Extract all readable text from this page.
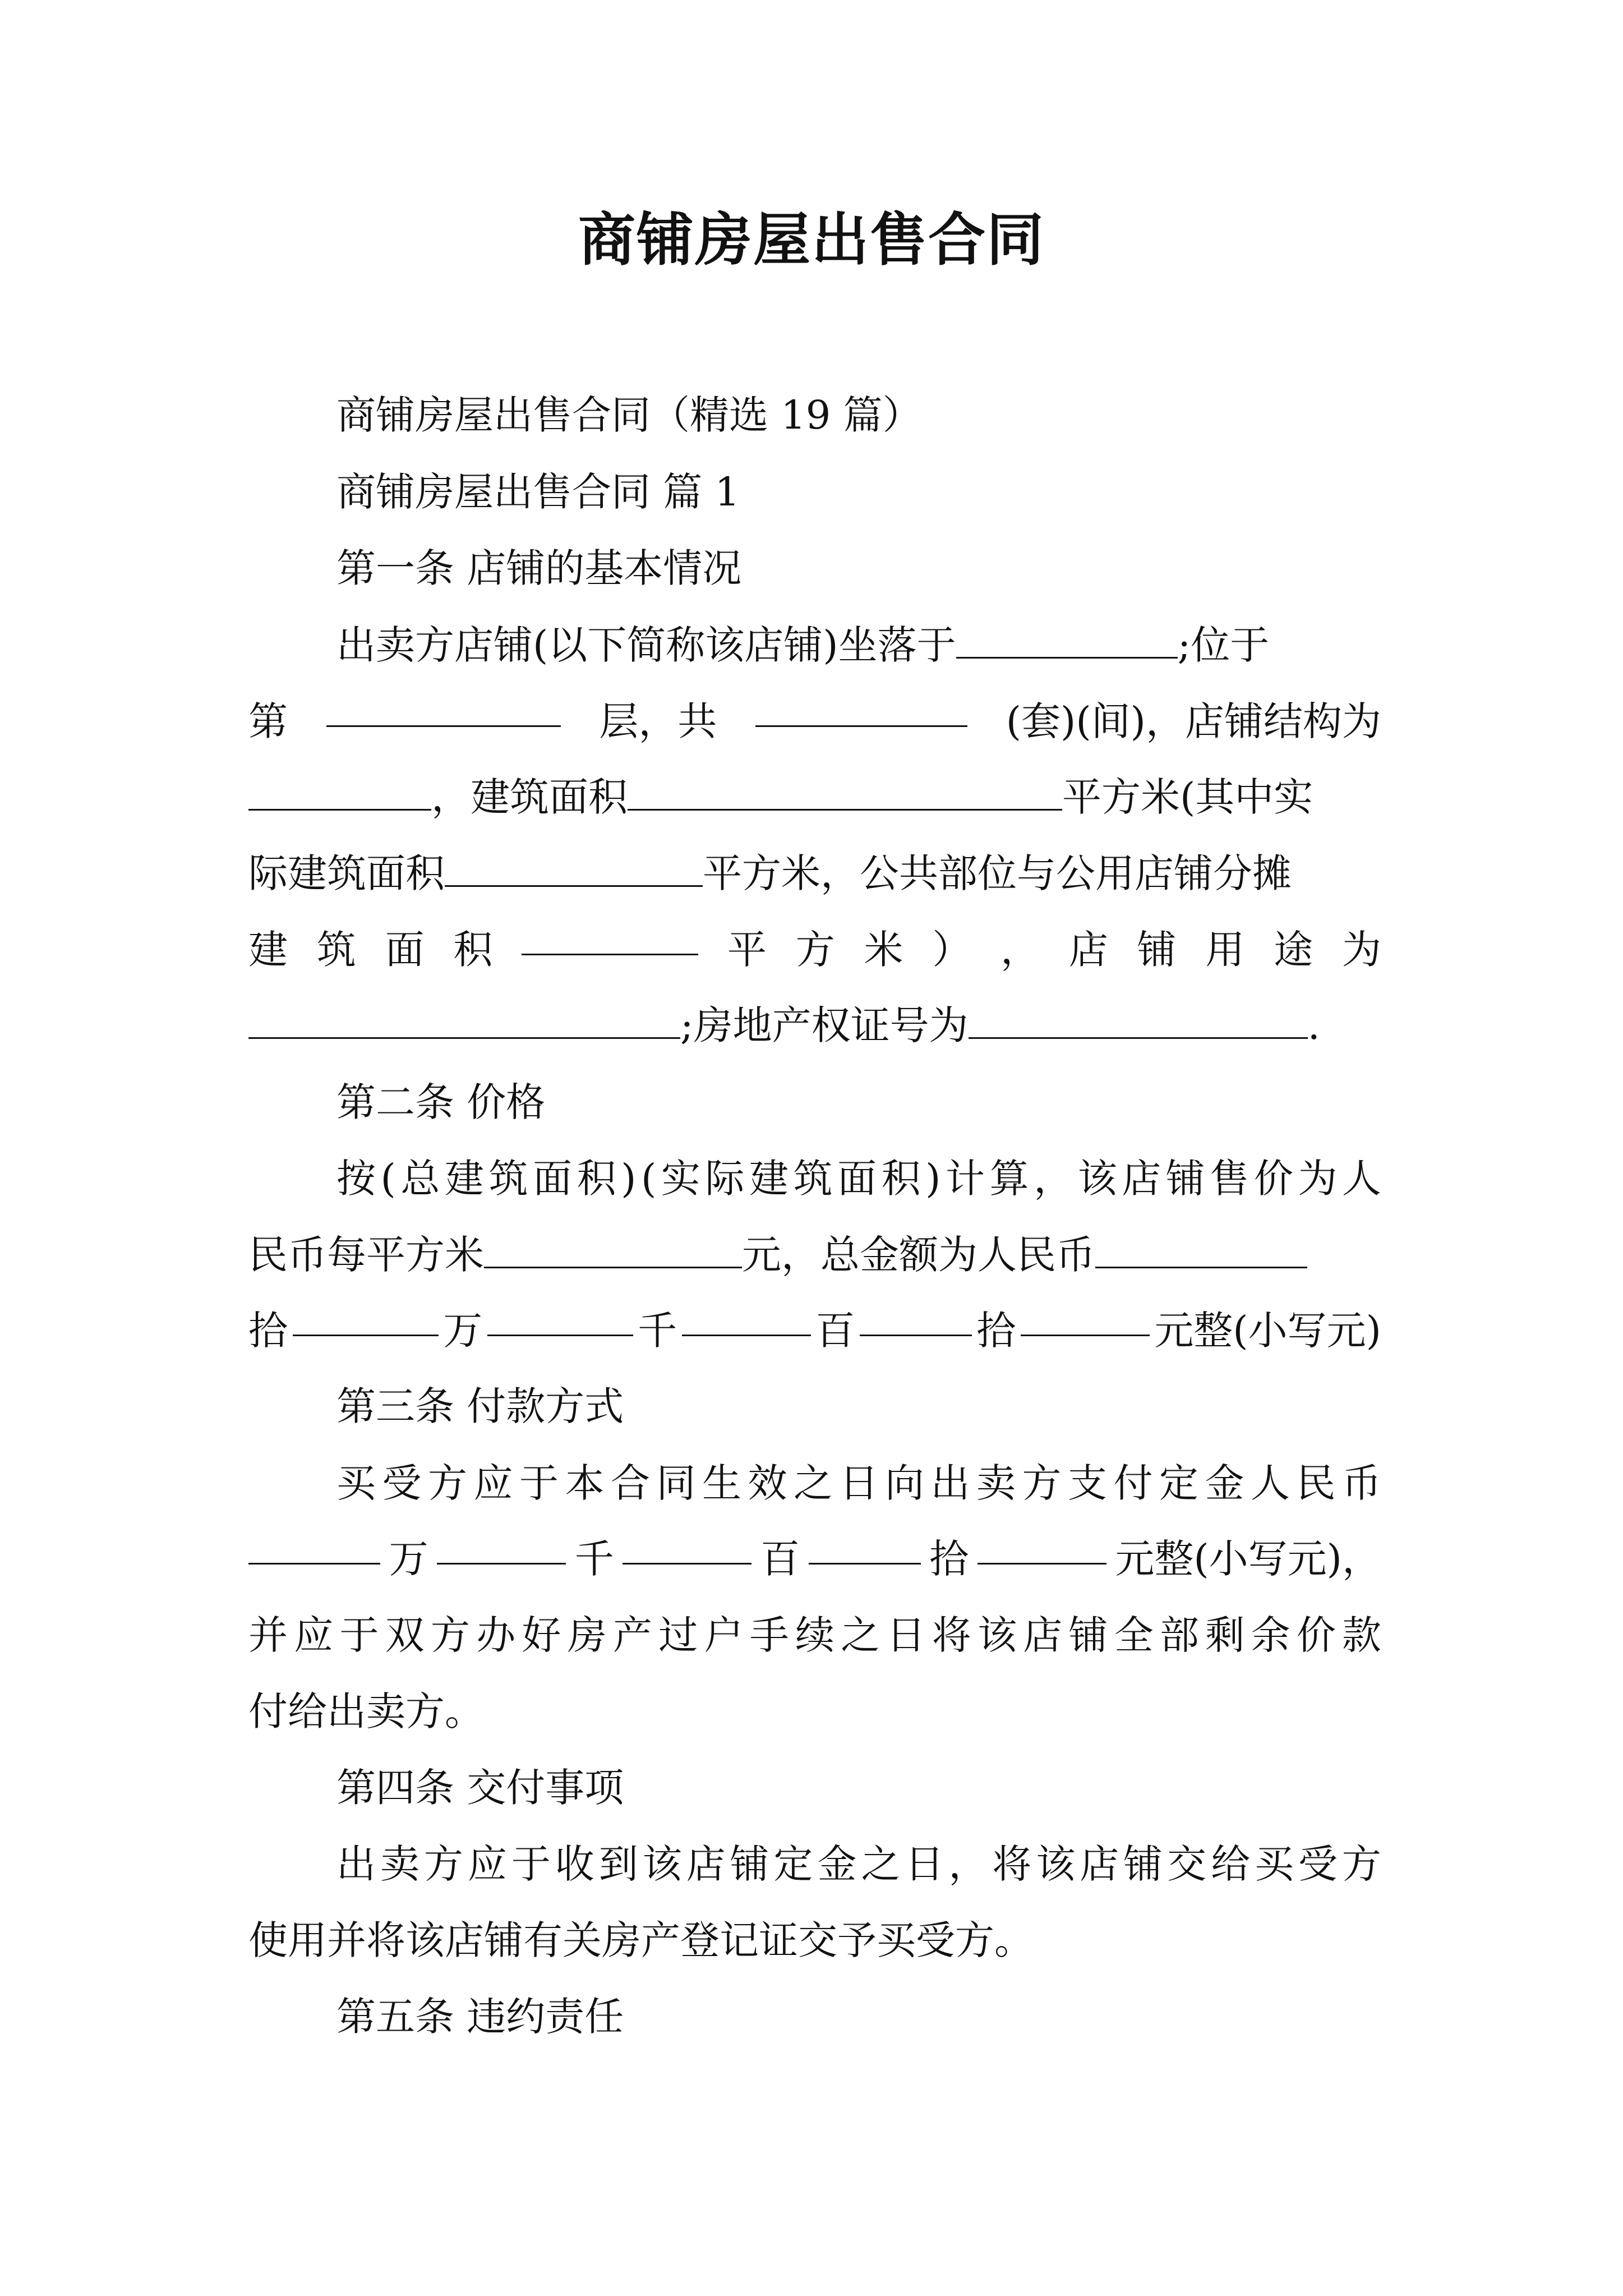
商铺房屋出售合同
商铺房屋出售合同（精选 19 篇）
商铺房屋出售合同 篇 1
第一条 店铺的基本情况
出卖方店铺(以下简称该店铺)坐落于	;位于
第	层，共	(套)(间)，店铺结构为
，建筑面积	平方米(其中实
际建筑面积	平方米，公共部位与公用店铺分摊
建 筑 面 积	平 方 米 ） ， 店 铺 用 途 为
;房地产权证号为	.
第二条 价格
按 ( 总 建 筑 面 积 ) ( 实 际 建 筑 面 积 ) 计 算 ， 该 店 铺 售 价 为 人
民币每平方米	元，总金额为人民币
拾	万	千	百	拾	元整(小写元)
第三条 付款方式
买 受 方 应 于 本 合 同 生 效 之 日 向 出 卖 方 支 付 定 金 人 民 币
万	千	百	拾	元整(小写元)，
并 应 于 双 方 办 好 房 产 过 户 手 续 之 日 将 该 店 铺 全 部 剩 余 价 款
付给出卖方。
第四条 交付事项
出 卖 方 应 于 收 到 该 店 铺 定 金 之 日 ， 将 该 店 铺 交 给 买 受 方
使用并将该店铺有关房产登记证交予买受方。
第五条 违约责任
